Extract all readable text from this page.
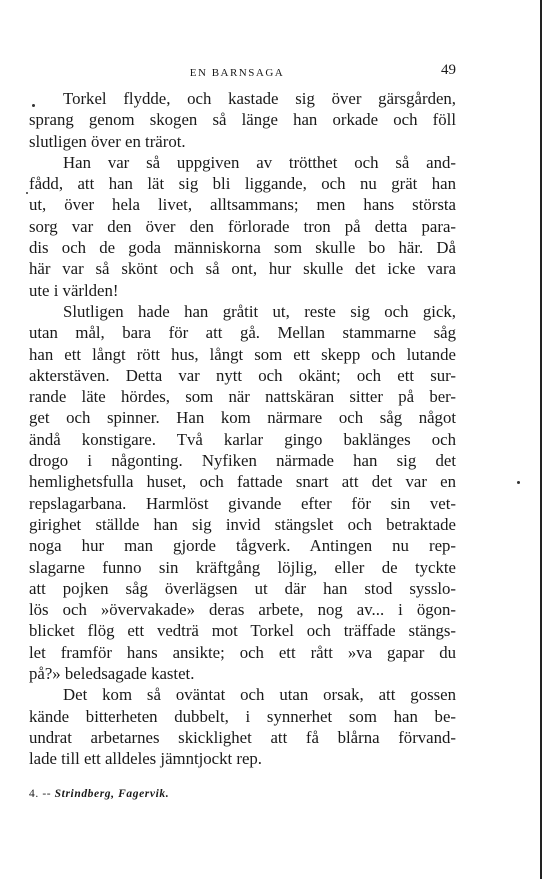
EN BARNSAGA	49
Torkel flydde, och kastade sig över gärsgården,
sprang genom skogen så länge han orkade och föll
slutligen över en trärot.
Han var så uppgiven av trötthet och så and-
fådd, att han lät sig bli liggande, och nu grät han
ut, över hela livet, alltsammans; men hans största
sorg var den över den förlorade tron på detta para-
dis och de goda människorna som skulle bo här. Då
här var så skönt och så ont, hur skulle det icke vara
ute i världen!
Slutligen hade han gråtit ut, reste sig och gick,
utan mål, bara för att gå. Mellan stammarne såg
han ett långt rött hus, långt som ett skepp och lutande
akterstäven. Detta var nytt och okänt; och ett sur-
rande läte hördes, som när nattskäran sitter på ber-
get och spinner. Han kom närmare och såg något
ändå konstigare. Två karlar gingo baklänges och
drogo i någonting. Nyfiken närmade han sig det
hemlighetsfulla huset, och fattade snart att det var en
repslagarbana. Harmlöst givande efter för sin vet-
girighet ställde han sig invid stängslet och betraktade
noga hur man gjorde tågverk. Antingen nu rep-
slagarne funno sin kräftgång löjlig, eller de tyckte
att pojken såg överlägsen ut där han stod sysslo-
lös och »övervakade» deras arbete, nog av... i ögon-
blicket flög ett vedträ mot Torkel och träffade stängs-
let framför hans ansikte; och ett rått »va gapar du
på?» beledsagade kastet.
Det kom så oväntat och utan orsak, att gossen
kände bitterheten dubbelt, i synnerhet som han be-
undrat arbetarnes skicklighet att få blårna förvand-
lade till ett alldeles jämntjockt rep.
4. -- Strindberg, Fagervik.
